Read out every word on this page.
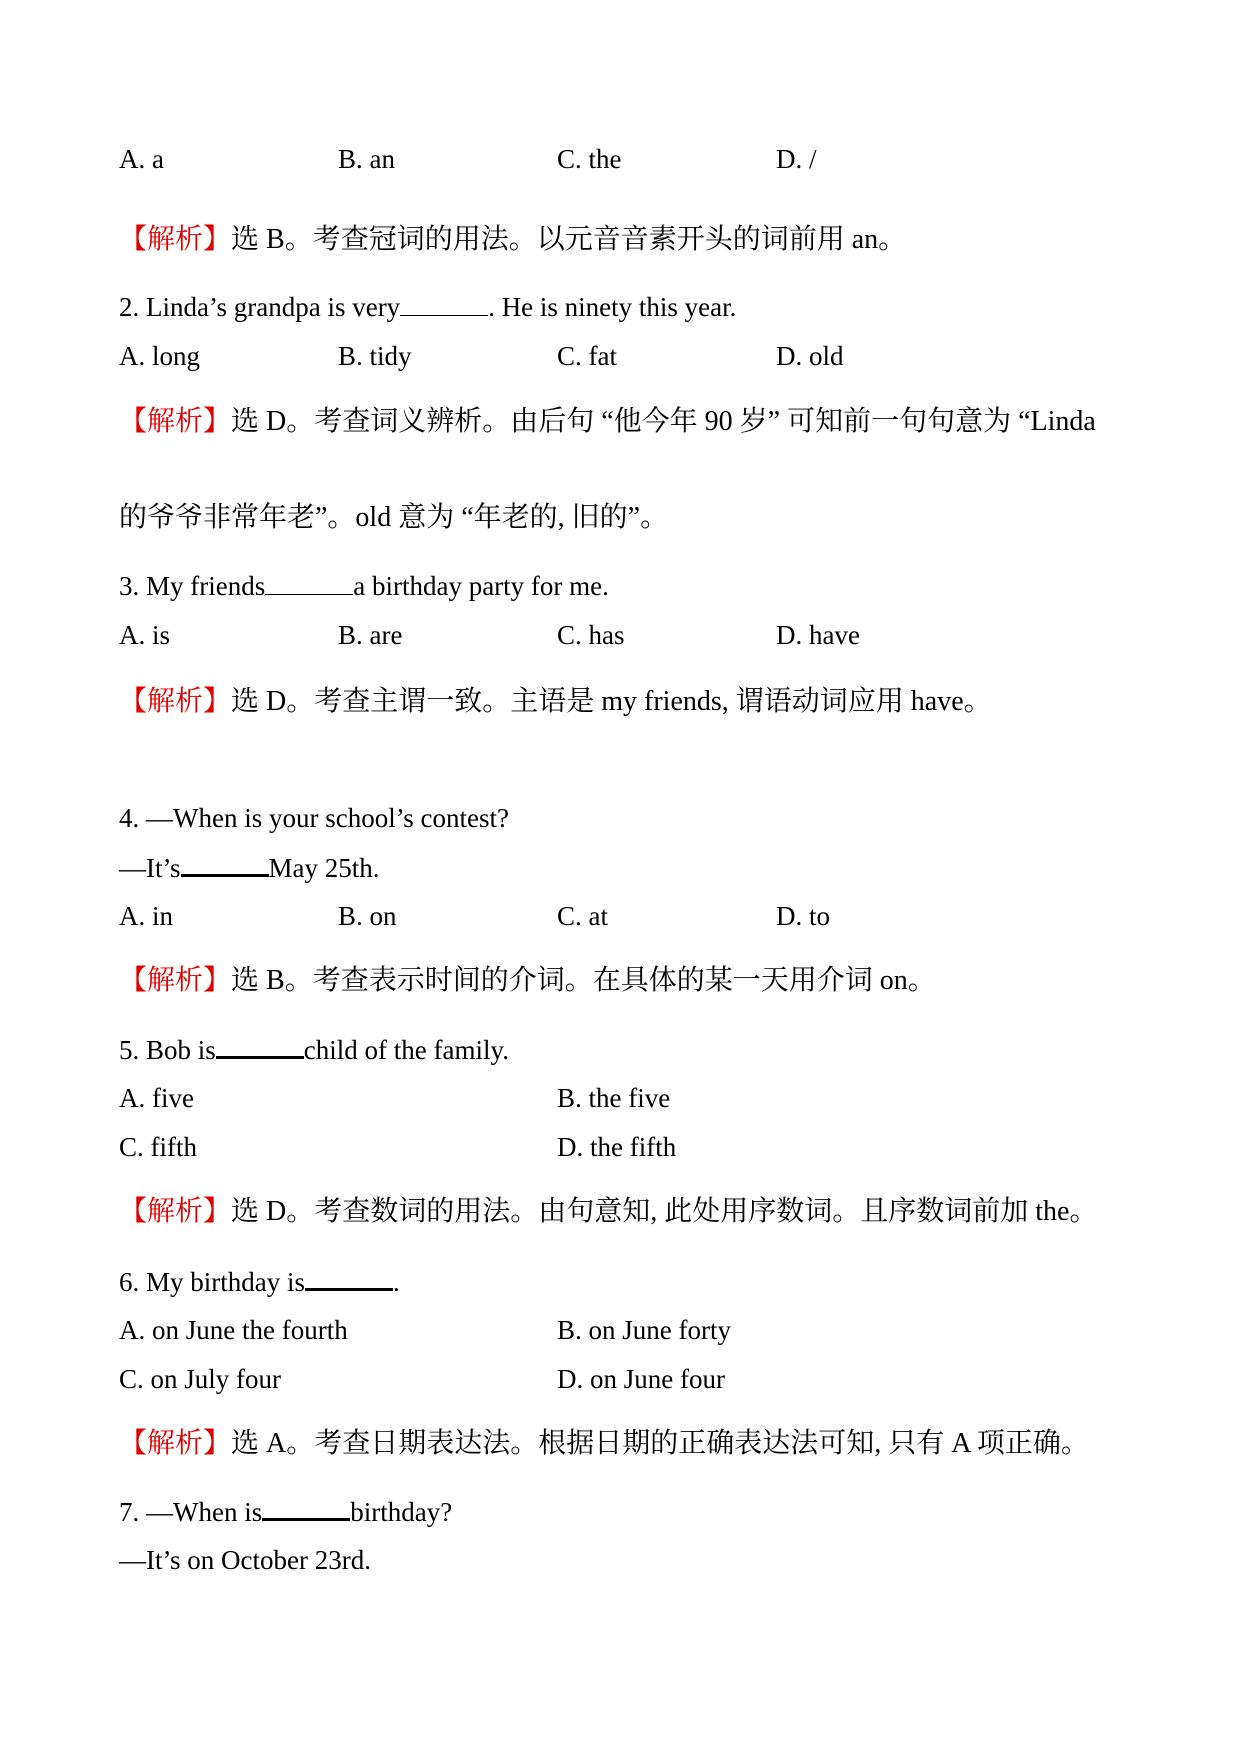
A. a	B. an	C. the	D. /
【解析】选 B。考查冠词的用法。以元音音素开头的词前用 an。
2. Linda’s grandpa is very	. He is ninety this year.
A. long	B. tidy	C. fat	D. old
【解析】选 D。考查词义辨析。由后句 “他今年 90 岁” 可知前一句句意为 “Linda
的爷爷非常年老”。old 意为 “年老的, 旧的”。
3. My friends	a birthday party for me.
A. is	B. are	C. has	D. have
【解析】选 D。考查主谓一致。主语是 my friends, 谓语动词应用 have。
4. —When is your school’s contest?
—It’s	May 25th.
A. in	B. on	C. at	D. to
【解析】选 B。考查表示时间的介词。在具体的某一天用介词 on。
5. Bob is	child of the family.
A. five	B. the five
C. fifth	D. the fifth
【解析】选 D。考查数词的用法。由句意知, 此处用序数词。且序数词前加 the。
6. My birthday is	.
A. on June the fourth	B. on June forty
C. on July four	D. on June four
【解析】选 A。考查日期表达法。根据日期的正确表达法可知, 只有 A 项正确。
7. —When is	birthday?
—It’s on October 23rd.
